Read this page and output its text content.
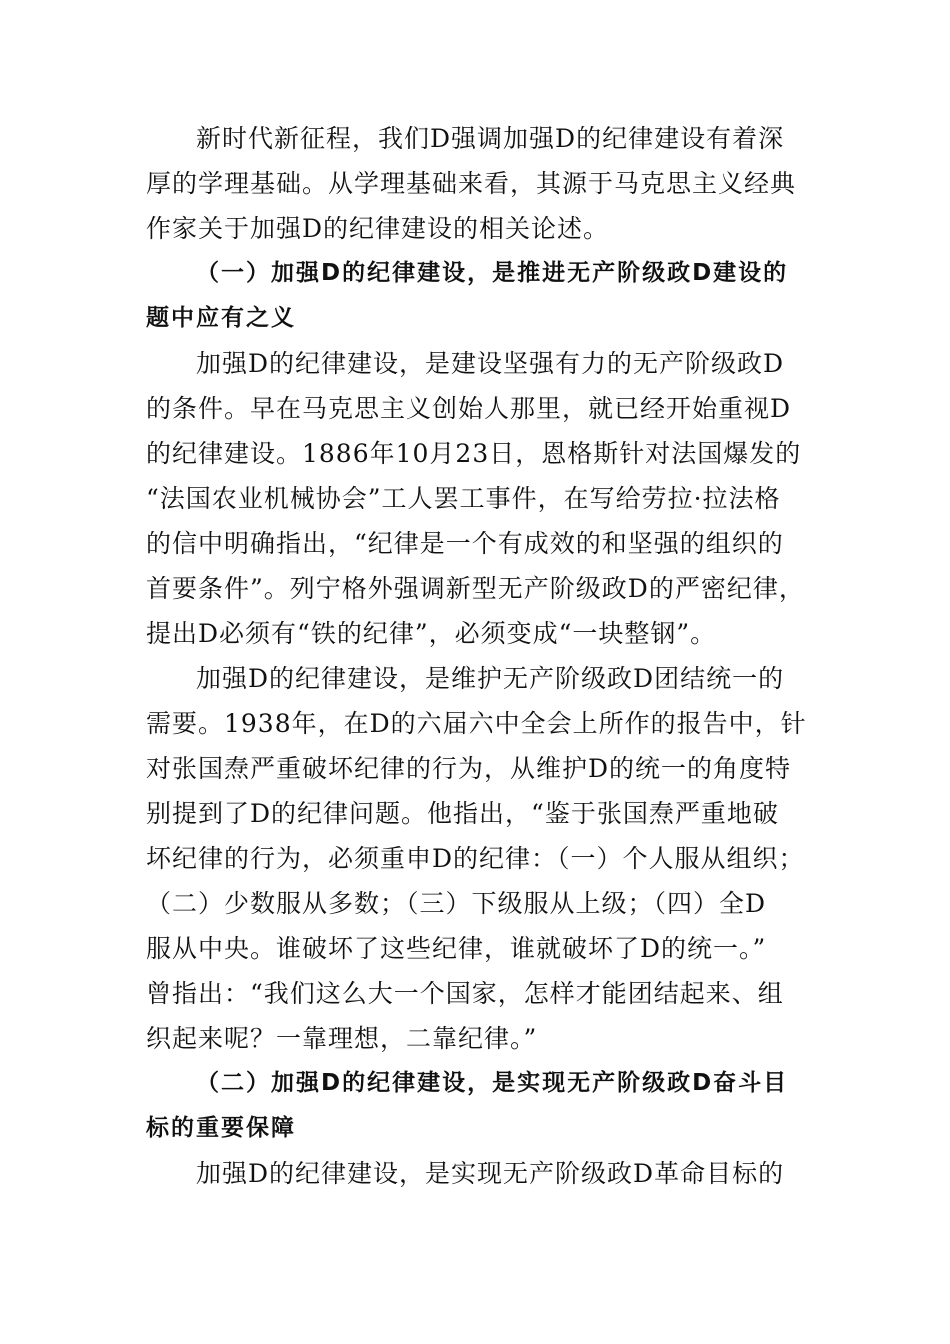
新时代新征程，我们D强调加强D的纪律建设有着深
厚的学理基础。从学理基础来看，其源于马克思主义经典
作家关于加强D的纪律建设的相关论述。

（一）加强D的纪律建设，是推进无产阶级政D建设的
题中应有之义

加强D的纪律建设，是建设坚强有力的无产阶级政D
的条件。早在马克思主义创始人那里，就已经开始重视D
的纪律建设。1886年10月23日，恩格斯针对法国爆发的
“法国农业机械协会”工人罢工事件，在写给劳拉·拉法格
的信中明确指出，“纪律是一个有成效的和坚强的组织的
首要条件”。列宁格外强调新型无产阶级政D的严密纪律，
提出D必须有“铁的纪律”，必须变成“一块整钢”。

加强D的纪律建设，是维护无产阶级政D团结统一的
需要。1938年，在D的六届六中全会上所作的报告中，针
对张国焘严重破坏纪律的行为，从维护D的统一的角度特
别提到了D的纪律问题。他指出，“鉴于张国焘严重地破
坏纪律的行为，必须重申D的纪律：（一）个人服从组织；
（二）少数服从多数；（三）下级服从上级；（四）全D
服从中央。谁破坏了这些纪律，谁就破坏了D的统一。”
曾指出：“我们这么大一个国家，怎样才能团结起来、组
织起来呢？一靠理想，二靠纪律。”

（二）加强D的纪律建设，是实现无产阶级政D奋斗目
标的重要保障

加强D的纪律建设，是实现无产阶级政D革命目标的
